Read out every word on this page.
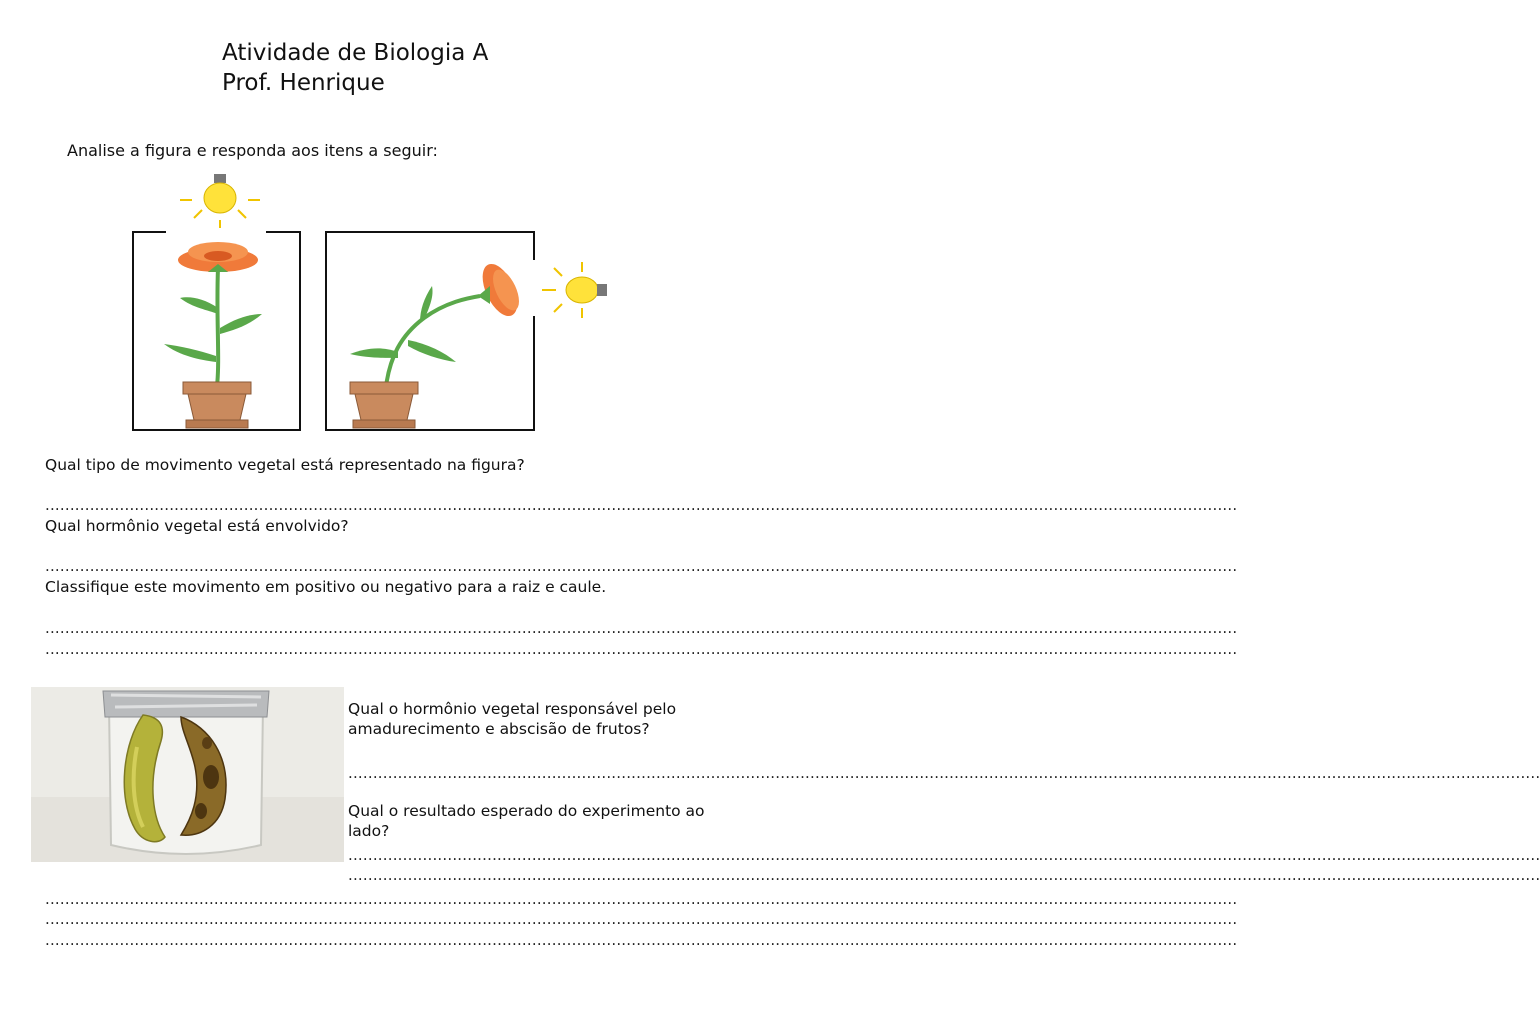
Atividade de Biologia A
Prof. Henrique
Analise a figura e responda aos itens a seguir:
Qual tipo de movimento vegetal está representado na figura?
................................................................................................................................................................................................................................................
Qual hormônio vegetal está envolvido?
................................................................................................................................................................................................................................................
Classifique este movimento em positivo ou negativo para a raiz e caule.
................................................................................................................................................................................................................................................
................................................................................................................................................................................................................................................
Qual o hormônio vegetal responsável pelo amadurecimento e abscisão de frutos?
................................................................................................................................................................................................................................................
Qual o resultado esperado do experimento ao lado?
................................................................................................................................................................................................................................................
................................................................................................................................................................................................................................................
................................................................................................................................................................................................................................................
................................................................................................................................................................................................................................................
................................................................................................................................................................................................................................................
